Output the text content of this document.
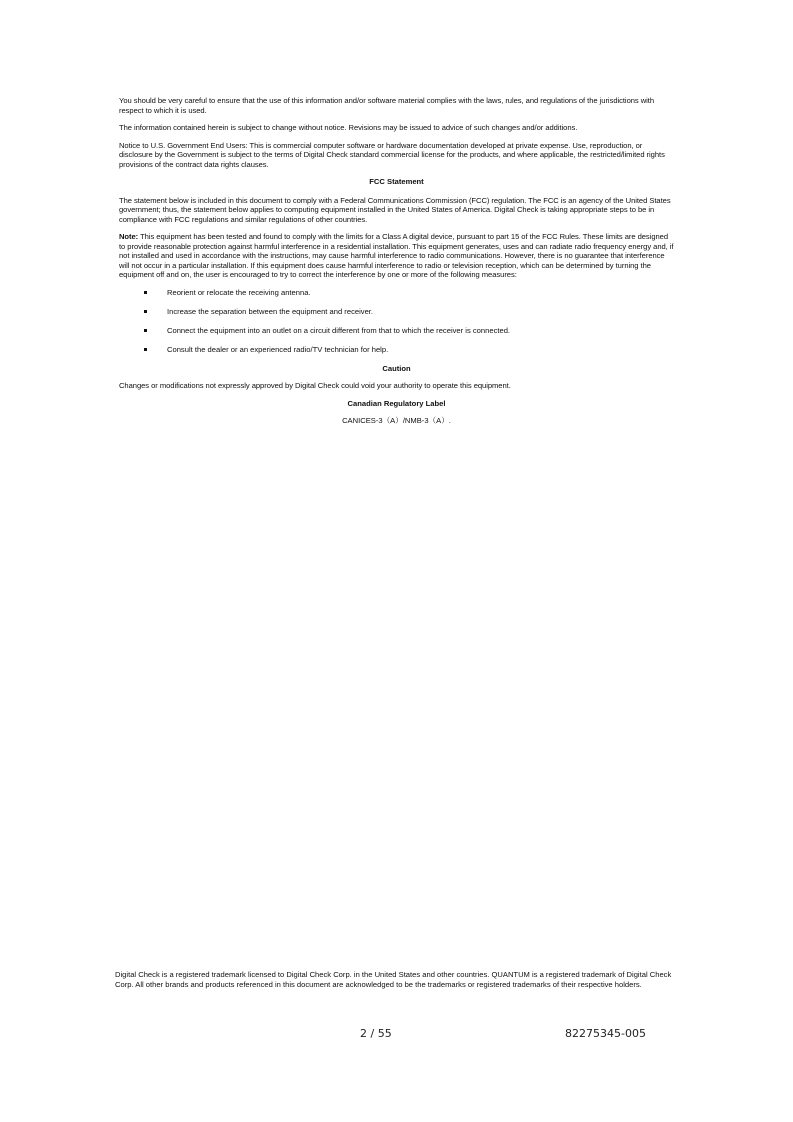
You should be very careful to ensure that the use of this information and/or software material complies with the laws, rules, and regulations of the jurisdictions with respect to which it is used.

The information contained herein is subject to change without notice. Revisions may be issued to advice of such changes and/or additions.

Notice to U.S. Government End Users: This is commercial computer software or hardware documentation developed at private expense. Use, reproduction, or disclosure by the Government is subject to the terms of Digital Check standard commercial license for the products, and where applicable, the restricted/limited rights provisions of the contract data rights clauses.

FCC Statement

The statement below is included in this document to comply with a Federal Communications Commission (FCC) regulation. The FCC is an agency of the United States government; thus, the statement below applies to computing equipment installed in the United States of America. Digital Check is taking appropriate steps to be in compliance with FCC regulations and similar regulations of other countries.

Note: This equipment has been tested and found to comply with the limits for a Class A digital device, pursuant to part 15 of the FCC Rules. These limits are designed to provide reasonable protection against harmful interference in a residential installation. This equipment generates, uses and can radiate radio frequency energy and, if not installed and used in accordance with the instructions, may cause harmful interference to radio communications. However, there is no guarantee that interference will not occur in a particular installation. If this equipment does cause harmful interference to radio or television reception, which can be determined by turning the equipment off and on, the user is encouraged to try to correct the interference by one or more of the following measures:

Reorient or relocate the receiving antenna.
Increase the separation between the equipment and receiver.
Connect the equipment into an outlet on a circuit different from that to which the receiver is connected.
Consult the dealer or an experienced radio/TV technician for help.

Caution

Changes or modifications not expressly approved by Digital Check could void your authority to operate this equipment.

Canadian Regulatory Label

CANICES-3（A）/NMB-3（A）.

Digital Check is a registered trademark licensed to Digital Check Corp. in the United States and other countries. QUANTUM is a registered trademark of Digital Check Corp. All other brands and products referenced in this document are acknowledged to be the trademarks or registered trademarks of their respective holders.
2 / 55	82275345-005
